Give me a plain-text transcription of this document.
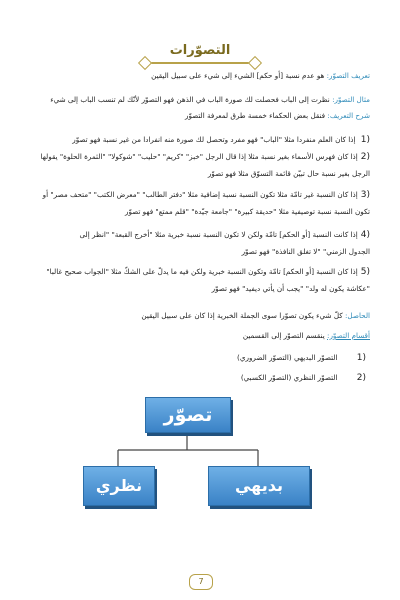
التصوّرات
تعريف التصوّر: هو عدم نسبة [أو حكم] الشيء إلى شيء على سبيل اليقين
مثال التصوّر: نظرت إلى الباب فحصلت لك صورة الباب في الذهن فهو التصوّر لأنّك لم تنسب الباب إلى شيء
شرح التعريف: فنقل بعض الحكماء خمسة طرق لمعرفة التصوّر
(1 إذا كان العلم منفردا مثلا "الباب" فهو مفرد وتحصل لك صورة منه انفرادا من غير نسبة فهو تصوّر
(2إذا كان فهرس الأسماء بغير نسبة مثلا إذا قال الرجل "خبز" "كريم" "حليب" "شوكولا" "الثمرة الحلوة" يقولها
الرجل بغير نسبة حال تبيّن قائمة التسوّق مثلا فهو تصوّر
(3إذا كان النسبة غير تامّة مثلا تكون النسبة نسبة إضافية مثلا "دفتر الطالب" "معرض الكتب" "متحف مصر" أو
تكون النسبة نسبة توصيفية مثلا "حديقة كبيرة" "جامعة جيّدة" "قلم ممتع" فهو تصوّر
(4إذا كانت النسبة [أو الحكم] تامّة ولكن لا تكون النسبة نسبة خبرية مثلا "أخرج القبعة" "انظر إلى
الجدول الزمني" "لا تغلق النافذة" فهو تصوّر
(5إذا كان النسبة [أو الحكم] تامّة وتكون النسبة خبرية ولكن فيه ما يدلّ على الشكّ مثلا "الجواب صحيح غالبا"
"عكاشة يكون له ولد" "يجب أن يأتي ديفيد" فهو تصوّر
الحاصل: كلّ شيء يكون تصوّرا سوى الجملة الخبرية إذا كان على سبيل اليقين
أقسام التصوّر: ينقسم التصوّر إلى القسمين
(1 التصوّر البديهي (التصوّر الضروري)
(2 التصوّر النظري (التصوّر الكسبي)
تصوّر
نظري	بديهي
7
